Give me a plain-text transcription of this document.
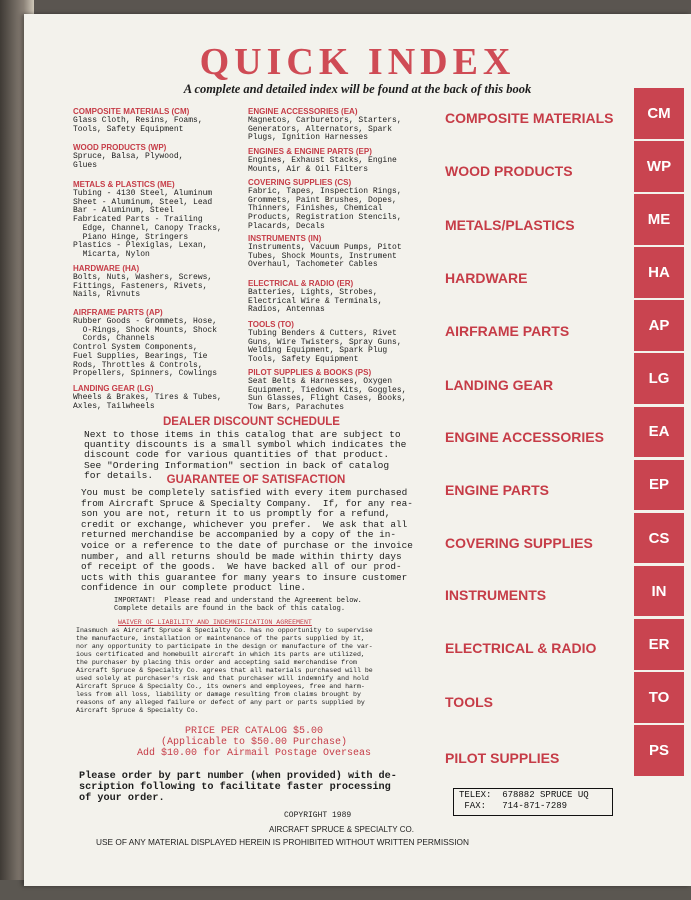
QUICK INDEX
A complete and detailed index will be found at the back of this book
COMPOSITE MATERIALS (CM)
Glass Cloth, Resins, Foams,
Tools, Safety Equipment
WOOD PRODUCTS (WP)
Spruce, Balsa, Plywood,
Glues
METALS & PLASTICS (ME)
Tubing - 4130 Steel, Aluminum
Sheet - Aluminum, Steel, Lead
Bar - Aluminum, Steel
Fabricated Parts - Trailing
Edge, Channel, Canopy Tracks,
Piano Hinge, Stringers
Plastics - Plexiglas, Lexan,
Micarta, Nylon
HARDWARE (HA)
Bolts, Nuts, Washers, Screws,
Fittings, Fasteners, Rivets,
Nails, Rivnuts
AIRFRAME PARTS (AP)
Rubber Goods - Grommets, Hose,
O-Rings, Shock Mounts, Shock
Cords, Channels
Control System Components,
Fuel Supplies, Bearings, Tie
Rods, Throttles & Controls,
Propellers, Spinners, Cowlings
LANDING GEAR (LG)
Wheels & Brakes, Tires & Tubes,
Axles, Tailwheels
ENGINE ACCESSORIES (EA)
Magnetos, Carburetors, Starters,
Generators, Alternators, Spark
Plugs, Ignition Harnesses
ENGINES & ENGINE PARTS (EP)
Engines, Exhaust Stacks, Engine
Mounts, Air & Oil Filters
COVERING SUPPLIES (CS)
Fabric, Tapes, Inspection Rings,
Grommets, Paint Brushes, Dopes,
Thinners, Finishes, Chemical
Products, Registration Stencils,
Placards, Decals
INSTRUMENTS (IN)
Instruments, Vacuum Pumps, Pitot
Tubes, Shock Mounts, Instrument
Overhaul, Tachometer Cables
ELECTRICAL & RADIO (ER)
Batteries, Lights, Strobes,
Electrical Wire & Terminals,
Radios, Antennas
TOOLS (TO)
Tubing Benders & Cutters, Rivet
Guns, Wire Twisters, Spray Guns,
Welding Equipment, Spark Plug
Tools, Safety Equipment
PILOT SUPPLIES & BOOKS (PS)
Seat Belts & Harnesses, Oxygen
Equipment, Tiedown Kits, Goggles,
Sun Glasses, Flight Cases, Books,
Tow Bars, Parachutes
DEALER DISCOUNT SCHEDULE
Next to those items in this catalog that are subject to
quantity discounts is a small symbol which indicates the
discount code for various quantities of that product.
See "Ordering Information" section in back of catalog
for details.	GUARANTEE OF SATISFACTION
You must be completely satisfied with every item purchased
from Aircraft Spruce & Specialty Company.  If, for any rea-
son you are not, return it to us promptly for a refund,
credit or exchange, whichever you prefer.  We ask that all
returned merchandise be accompanied by a copy of the in-
voice or a reference to the date of purchase or the invoice
number, and all returns should be made within thirty days
of receipt of the goods.  We have backed all of our prod-
ucts with this guarantee for many years to insure customer
confidence in our complete product line.
IMPORTANT!  Please read and understand the Agreement below.
Complete details are found in the back of this catalog.
WAIVER OF LIABILITY AND INDEMNIFICATION AGREEMENT
Inasmuch as Aircraft Spruce & Specialty Co. has no opportunity to supervise
the manufacture, installation or maintenance of the parts supplied by it,
nor any opportunity to participate in the design or manufacture of the var-
ious certificated and homebuilt aircraft in which its parts are utilized,
the purchaser by placing this order and accepting said merchandise from
Aircraft Spruce & Specialty Co. agrees that all materials purchased will be
used solely at purchaser's risk and that purchaser will indemnify and hold
Aircraft Spruce & Specialty Co., its owners and employees, free and harm-
less from all loss, liability or damage resulting from claims brought by
reasons of any alleged failure or defect of any part or parts supplied by
Aircraft Spruce & Specialty Co.
PRICE PER CATALOG $5.00
(Applicable to $50.00 Purchase)
Add $10.00 for Airmail Postage Overseas
Please order by part number (when provided) with de-
scription following to facilitate faster processing
of your order.
COPYRIGHT 1989
AIRCRAFT SPRUCE & SPECIALTY CO.
USE OF ANY MATERIAL DISPLAYED HEREIN IS PROHIBITED WITHOUT WRITTEN PERMISSION
TELEX:  678882 SPRUCE UQ
FAX:   714-871-7289
COMPOSITE MATERIALS
WOOD PRODUCTS
METALS/PLASTICS
HARDWARE
AIRFRAME PARTS
LANDING GEAR
ENGINE ACCESSORIES
ENGINE PARTS
COVERING SUPPLIES
INSTRUMENTS
ELECTRICAL & RADIO
TOOLS
PILOT SUPPLIES
CM
WP
ME
HA
AP
LG
EA
EP
CS
IN
ER
TO
PS
